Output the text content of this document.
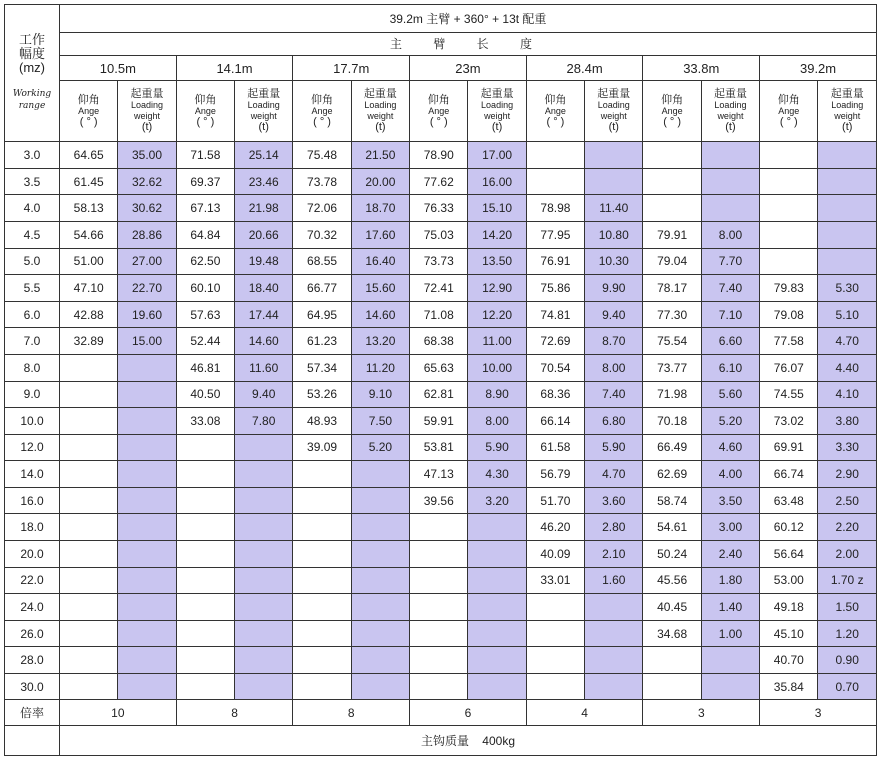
工作
幅度
(mz)

Working
range	39.2m 主臂 + 360° + 13t 配重													
	主 臂 长 度													
	10.5m		14.1m		17.7m		23m		28.4m		33.8m		39.2m	

	仰角
Ange
( ° )	起重量
Loading
weight
(t)	仰角
Ange
( ° )	起重量
Loading
weight
(t)	仰角
Ange
( ° )	起重量
Loading
weight
(t)	仰角
Ange
( ° )	起重量
Loading
weight
(t)	仰角
Ange
( ° )	起重量
Loading
weight
(t)	仰角
Ange
( ° )	起重量
Loading
weight
(t)	仰角
Ange
( ° )	起重量
Loading
weight
(t)

3.0	64.65	35.00	71.58	25.14	75.48	21.50	78.90	17.00						
3.5	61.45	32.62	69.37	23.46	73.78	20.00	77.62	16.00						
4.0	58.13	30.62	67.13	21.98	72.06	18.70	76.33	15.10	78.98	11.40				
4.5	54.66	28.86	64.84	20.66	70.32	17.60	75.03	14.20	77.95	10.80	79.91	8.00		
5.0	51.00	27.00	62.50	19.48	68.55	16.40	73.73	13.50	76.91	10.30	79.04	7.70		
5.5	47.10	22.70	60.10	18.40	66.77	15.60	72.41	12.90	75.86	9.90	78.17	7.40	79.83	5.30
6.0	42.88	19.60	57.63	17.44	64.95	14.60	71.08	12.20	74.81	9.40	77.30	7.10	79.08	5.10
7.0	32.89	15.00	52.44	14.60	61.23	13.20	68.38	11.00	72.69	8.70	75.54	6.60	77.58	4.70
8.0			46.81	11.60	57.34	11.20	65.63	10.00	70.54	8.00	73.77	6.10	76.07	4.40
9.0			40.50	9.40	53.26	9.10	62.81	8.90	68.36	7.40	71.98	5.60	74.55	4.10
10.0			33.08	7.80	48.93	7.50	59.91	8.00	66.14	6.80	70.18	5.20	73.02	3.80
12.0					39.09	5.20	53.81	5.90	61.58	5.90	66.49	4.60	69.91	3.30
14.0							47.13	4.30	56.79	4.70	62.69	4.00	66.74	2.90
16.0							39.56	3.20	51.70	3.60	58.74	3.50	63.48	2.50
18.0									46.20	2.80	54.61	3.00	60.12	2.20
20.0									40.09	2.10	50.24	2.40	56.64	2.00
22.0									33.01	1.60	45.56	1.80	53.00	1.70 z
24.0											40.45	1.40	49.18	1.50
26.0											34.68	1.00	45.10	1.20
28.0													40.70	0.90
30.0													35.84	0.70
倍率	10		8		8		6		4		3		3	
	主钩质量    400kg													
